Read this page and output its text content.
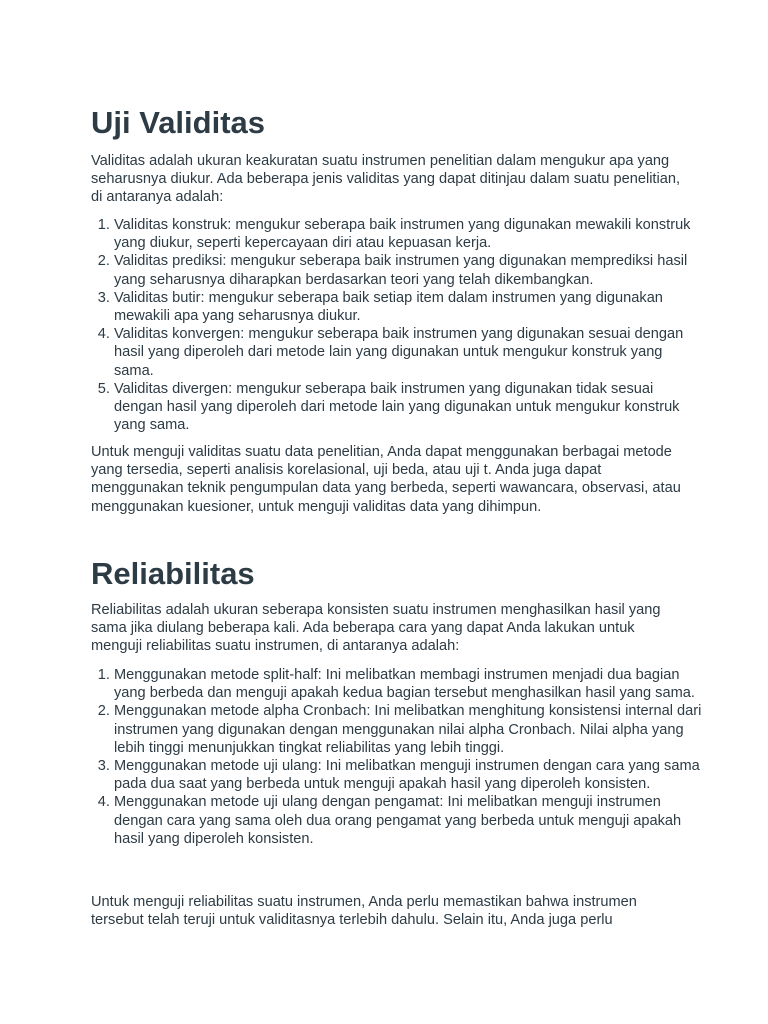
Uji Validitas

Validitas adalah ukuran keakuratan suatu instrumen penelitian dalam mengukur apa yang seharusnya diukur. Ada beberapa jenis validitas yang dapat ditinjau dalam suatu penelitian, di antaranya adalah:

1. Validitas konstruk: mengukur seberapa baik instrumen yang digunakan mewakili konstruk yang diukur, seperti kepercayaan diri atau kepuasan kerja.
2. Validitas prediksi: mengukur seberapa baik instrumen yang digunakan memprediksi hasil yang seharusnya diharapkan berdasarkan teori yang telah dikembangkan.
3. Validitas butir: mengukur seberapa baik setiap item dalam instrumen yang digunakan mewakili apa yang seharusnya diukur.
4. Validitas konvergen: mengukur seberapa baik instrumen yang digunakan sesuai dengan hasil yang diperoleh dari metode lain yang digunakan untuk mengukur konstruk yang sama.
5. Validitas divergen: mengukur seberapa baik instrumen yang digunakan tidak sesuai dengan hasil yang diperoleh dari metode lain yang digunakan untuk mengukur konstruk yang sama.

Untuk menguji validitas suatu data penelitian, Anda dapat menggunakan berbagai metode yang tersedia, seperti analisis korelasional, uji beda, atau uji t. Anda juga dapat menggunakan teknik pengumpulan data yang berbeda, seperti wawancara, observasi, atau menggunakan kuesioner, untuk menguji validitas data yang dihimpun.

Reliabilitas

Reliabilitas adalah ukuran seberapa konsisten suatu instrumen menghasilkan hasil yang sama jika diulang beberapa kali. Ada beberapa cara yang dapat Anda lakukan untuk menguji reliabilitas suatu instrumen, di antaranya adalah:

1. Menggunakan metode split-half: Ini melibatkan membagi instrumen menjadi dua bagian yang berbeda dan menguji apakah kedua bagian tersebut menghasilkan hasil yang sama.
2. Menggunakan metode alpha Cronbach: Ini melibatkan menghitung konsistensi internal dari instrumen yang digunakan dengan menggunakan nilai alpha Cronbach. Nilai alpha yang lebih tinggi menunjukkan tingkat reliabilitas yang lebih tinggi.
3. Menggunakan metode uji ulang: Ini melibatkan menguji instrumen dengan cara yang sama pada dua saat yang berbeda untuk menguji apakah hasil yang diperoleh konsisten.
4. Menggunakan metode uji ulang dengan pengamat: Ini melibatkan menguji instrumen dengan cara yang sama oleh dua orang pengamat yang berbeda untuk menguji apakah hasil yang diperoleh konsisten.

Untuk menguji reliabilitas suatu instrumen, Anda perlu memastikan bahwa instrumen tersebut telah teruji untuk validitasnya terlebih dahulu. Selain itu, Anda juga perlu
